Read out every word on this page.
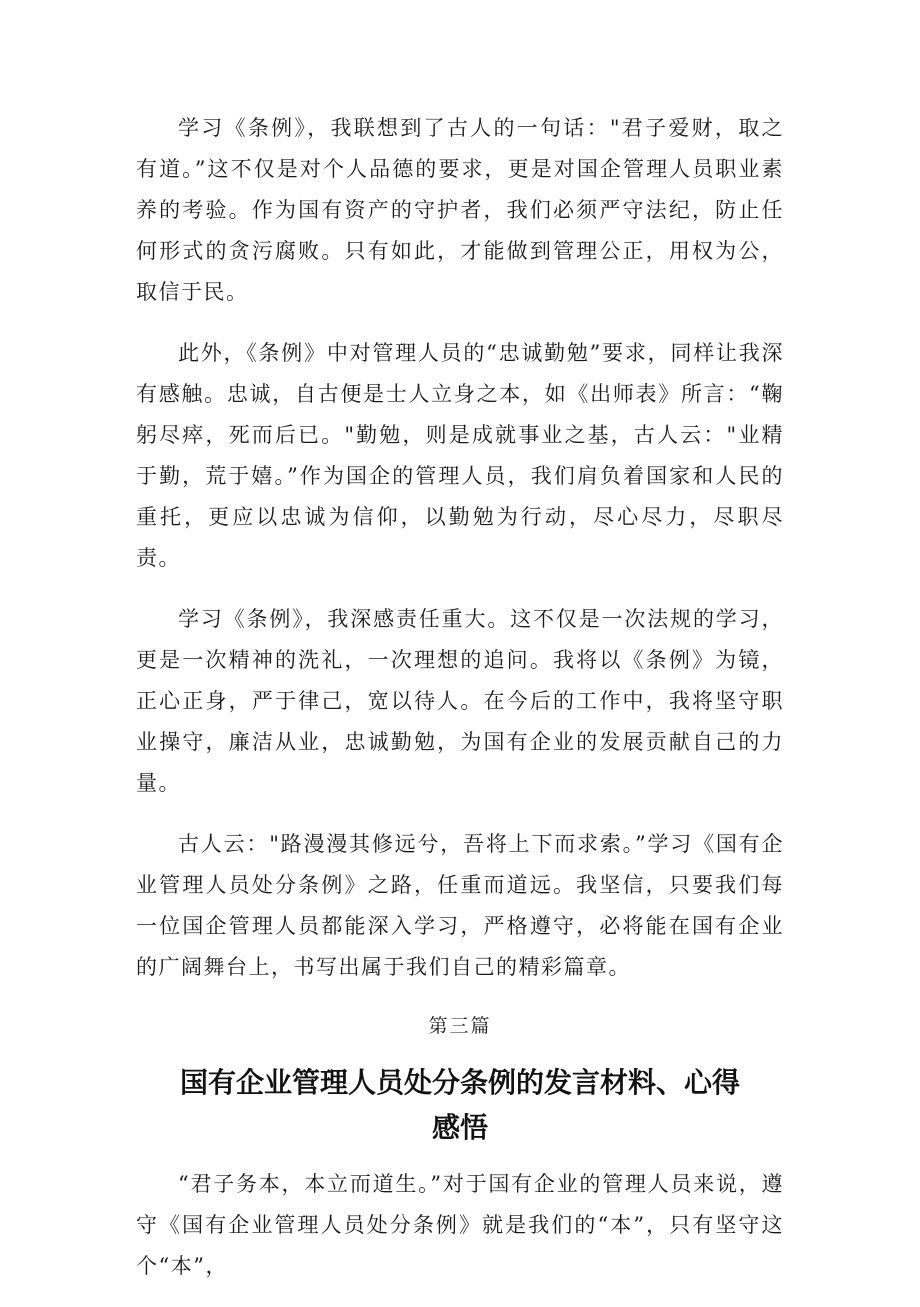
学习《条例》，我联想到了古人的一句话："君子爱财，取之有道。”这不仅是对个人品德的要求，更是对国企管理人员职业素养的考验。作为国有资产的守护者，我们必须严守法纪，防止任何形式的贪污腐败。只有如此，才能做到管理公正，用权为公，取信于民。

此外，《条例》中对管理人员的“忠诚勤勉”要求，同样让我深有感触。忠诚，自古便是士人立身之本，如《出师表》所言：“鞠躬尽瘁，死而后已。"勤勉，则是成就事业之基，古人云："业精于勤，荒于嬉。”作为国企的管理人员，我们肩负着国家和人民的重托，更应以忠诚为信仰，以勤勉为行动，尽心尽力，尽职尽责。

学习《条例》，我深感责任重大。这不仅是一次法规的学习，更是一次精神的洗礼，一次理想的追问。我将以《条例》为镜，正心正身，严于律己，宽以待人。在今后的工作中，我将坚守职业操守，廉洁从业，忠诚勤勉，为国有企业的发展贡献自己的力量。

古人云："路漫漫其修远兮，吾将上下而求索。”学习《国有企业管理人员处分条例》之路，任重而道远。我坚信，只要我们每一位国企管理人员都能深入学习，严格遵守，必将能在国有企业的广阔舞台上，书写出属于我们自己的精彩篇章。

第三篇
国有企业管理人员处分条例的发言材料、心得感悟

“君子务本，本立而道生。”对于国有企业的管理人员来说，遵守《国有企业管理人员处分条例》就是我们的“本”，只有坚守这个“本”，
